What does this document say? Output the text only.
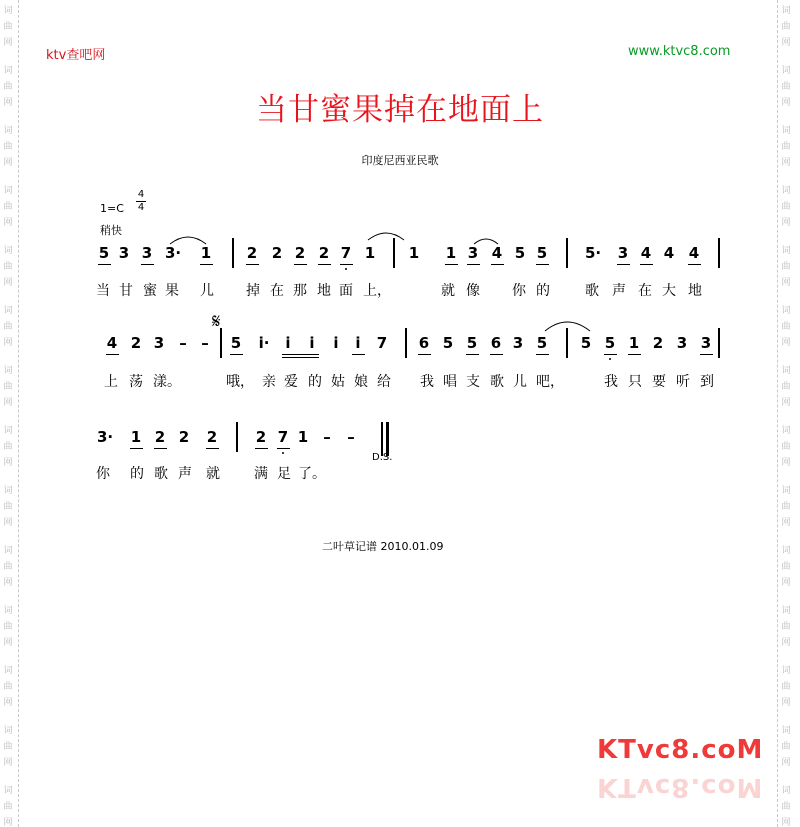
词
曲
网
词
曲
网
词
曲
网
词
曲
网
词
曲
网
词
曲
网
词
曲
网
词
曲
网
词
曲
网
词
曲
网
词
曲
网
词
曲
网
词
曲
网
词
曲
网
词
曲
网
词
曲
网
词
曲
网
词
曲
网
词
曲
网
词
曲
网
词
曲
网
词
曲
网
词
曲
网
词
曲
网
词
曲
网
词
曲
网
词
曲
网
词
曲
网
ktv查吧网	www.ktvc8.com
当甘蜜果掉在地面上
印度尼西亚民歌
1=C
4
4
稍快
5 3 3 3· 1 2 2 2 2 7 1 1 1 3 4 5 5	5· 3 4 4 4
4 2 3 – – 5 i· i i i i 7 6 5 5 6 3 5 5 5 1 2 3 3
3· 1 2 2 2	2 7 1 – –
𝄋
D.S.
当 甘 蜜 果 儿 掉 在 那 地 面 上，	就 像 你 的	歌 声 在 大 地
上 荡 漾。	哦， 亲 爱 的 姑 娘 给 我 唱 支 歌 儿 吧，	我 只 要 听 到
你 的 歌 声 就 满 足 了。
二叶草记谱 2010.01.09
KTvc8.coM
KTvc8.coM
